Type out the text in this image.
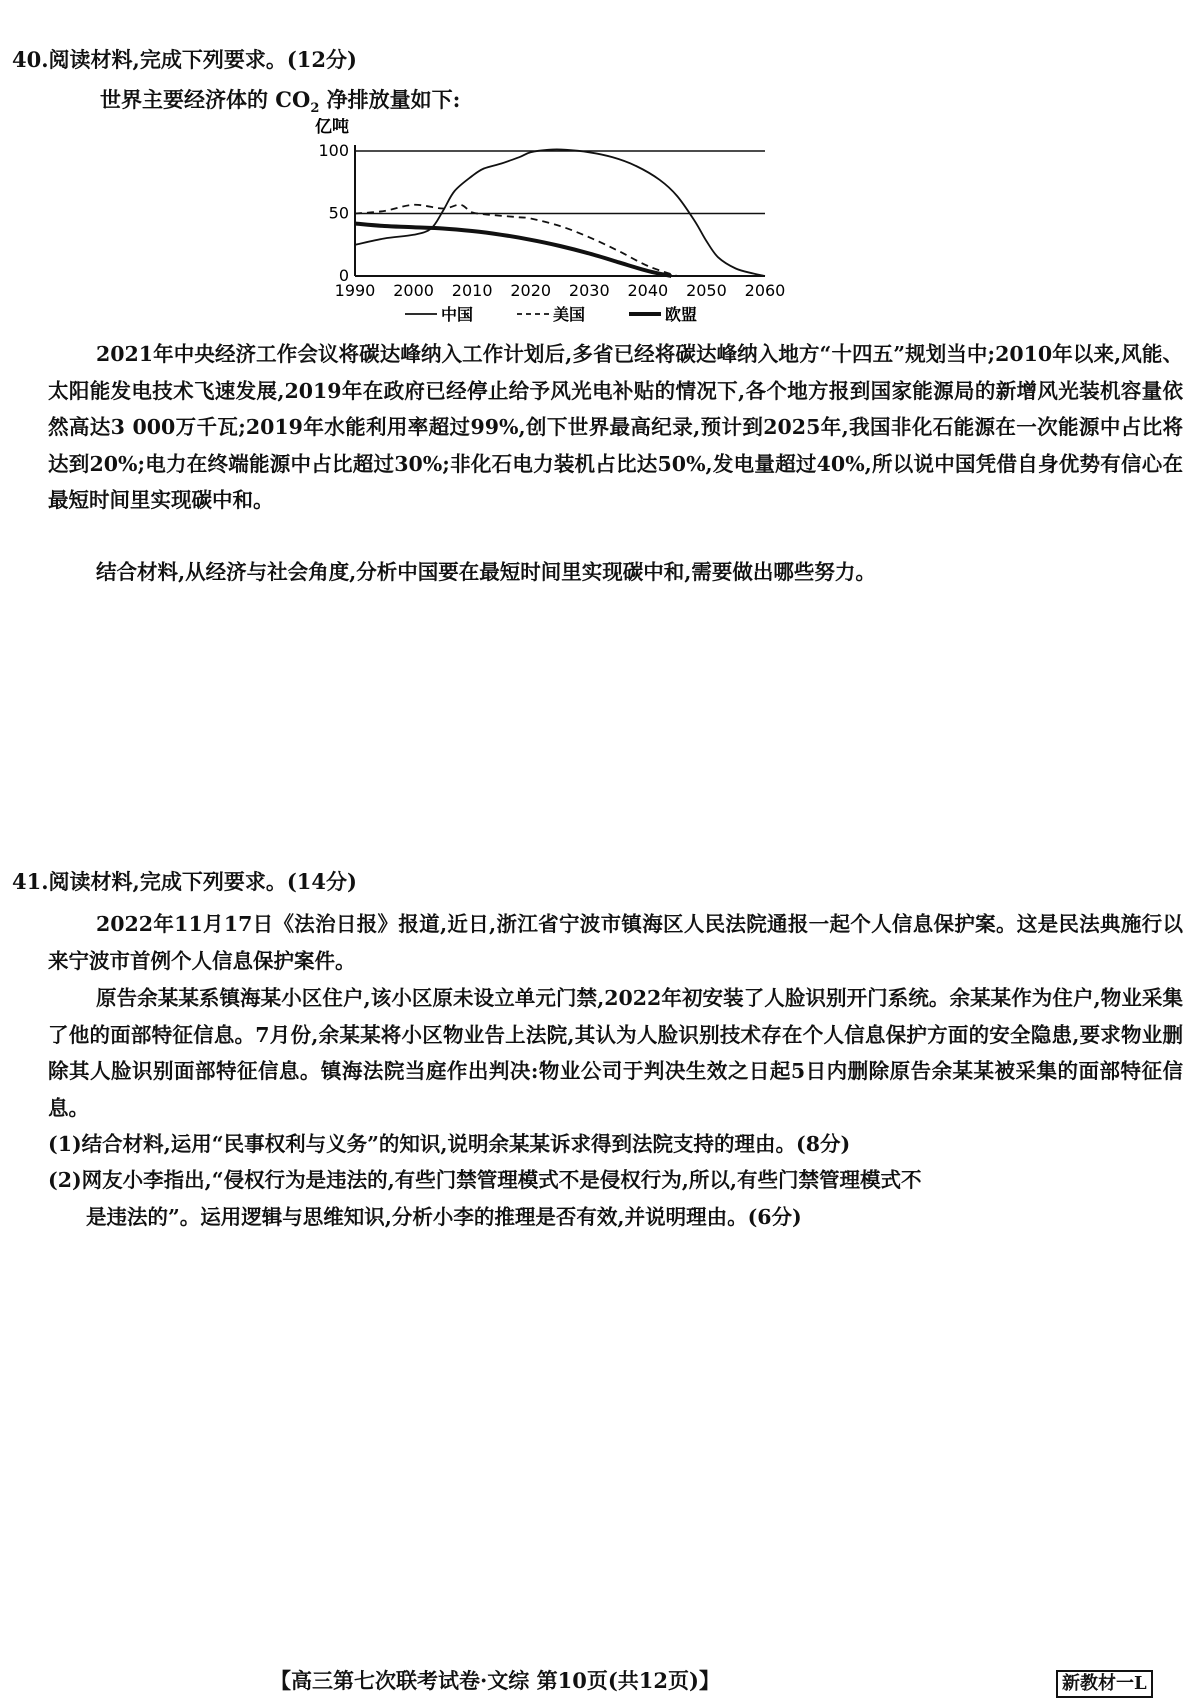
40.阅读材料,完成下列要求。(12分)
世界主要经济体的 $CO_2$ 净排放量如下:
亿吨
0
50
100
1990 2000 2010 2020 2030 2040 2050 2060
中国	美国	欧盟

2021年中央经济工作会议将碳达峰纳入工作计划后,多省已经将碳达峰纳入地方“十四五”规划当中;2010年以来,风能、太阳能发电技术飞速发展,2019年在政府已经停止给予风光电补贴的情况下,各个地方报到国家能源局的新增风光装机容量依然高达3 000万千瓦;2019年水能利用率超过99%,创下世界最高纪录,预计到2025年,我国非化石能源在一次能源中占比将达到20%;电力在终端能源中占比超过30%;非化石电力装机占比达50%,发电量超过40%,所以说中国凭借自身优势有信心在最短时间里实现碳中和。

结合材料,从经济与社会角度,分析中国要在最短时间里实现碳中和,需要做出哪些努力。

41.阅读材料,完成下列要求。(14分)

2022年11月17日《法治日报》报道,近日,浙江省宁波市镇海区人民法院通报一起个人信息保护案。这是民法典施行以来宁波市首例个人信息保护案件。

原告余某某系镇海某小区住户,该小区原未设立单元门禁,2022年初安装了人脸识别开门系统。余某某作为住户,物业采集了他的面部特征信息。7月份,余某某将小区物业告上法院,其认为人脸识别技术存在个人信息保护方面的安全隐患,要求物业删除其人脸识别面部特征信息。镇海法院当庭作出判决:物业公司于判决生效之日起5日内删除原告余某某被采集的面部特征信息。

(1)结合材料,运用“民事权利与义务”的知识,说明余某某诉求得到法院支持的理由。(8分)

(2)网友小李指出,“侵权行为是违法的,有些门禁管理模式不是侵权行为,所以,有些门禁管理模式不
是违法的”。运用逻辑与思维知识,分析小李的推理是否有效,并说明理由。(6分)
【高三第七次联考试卷·文综 第10页(共12页)】	新教材一L
